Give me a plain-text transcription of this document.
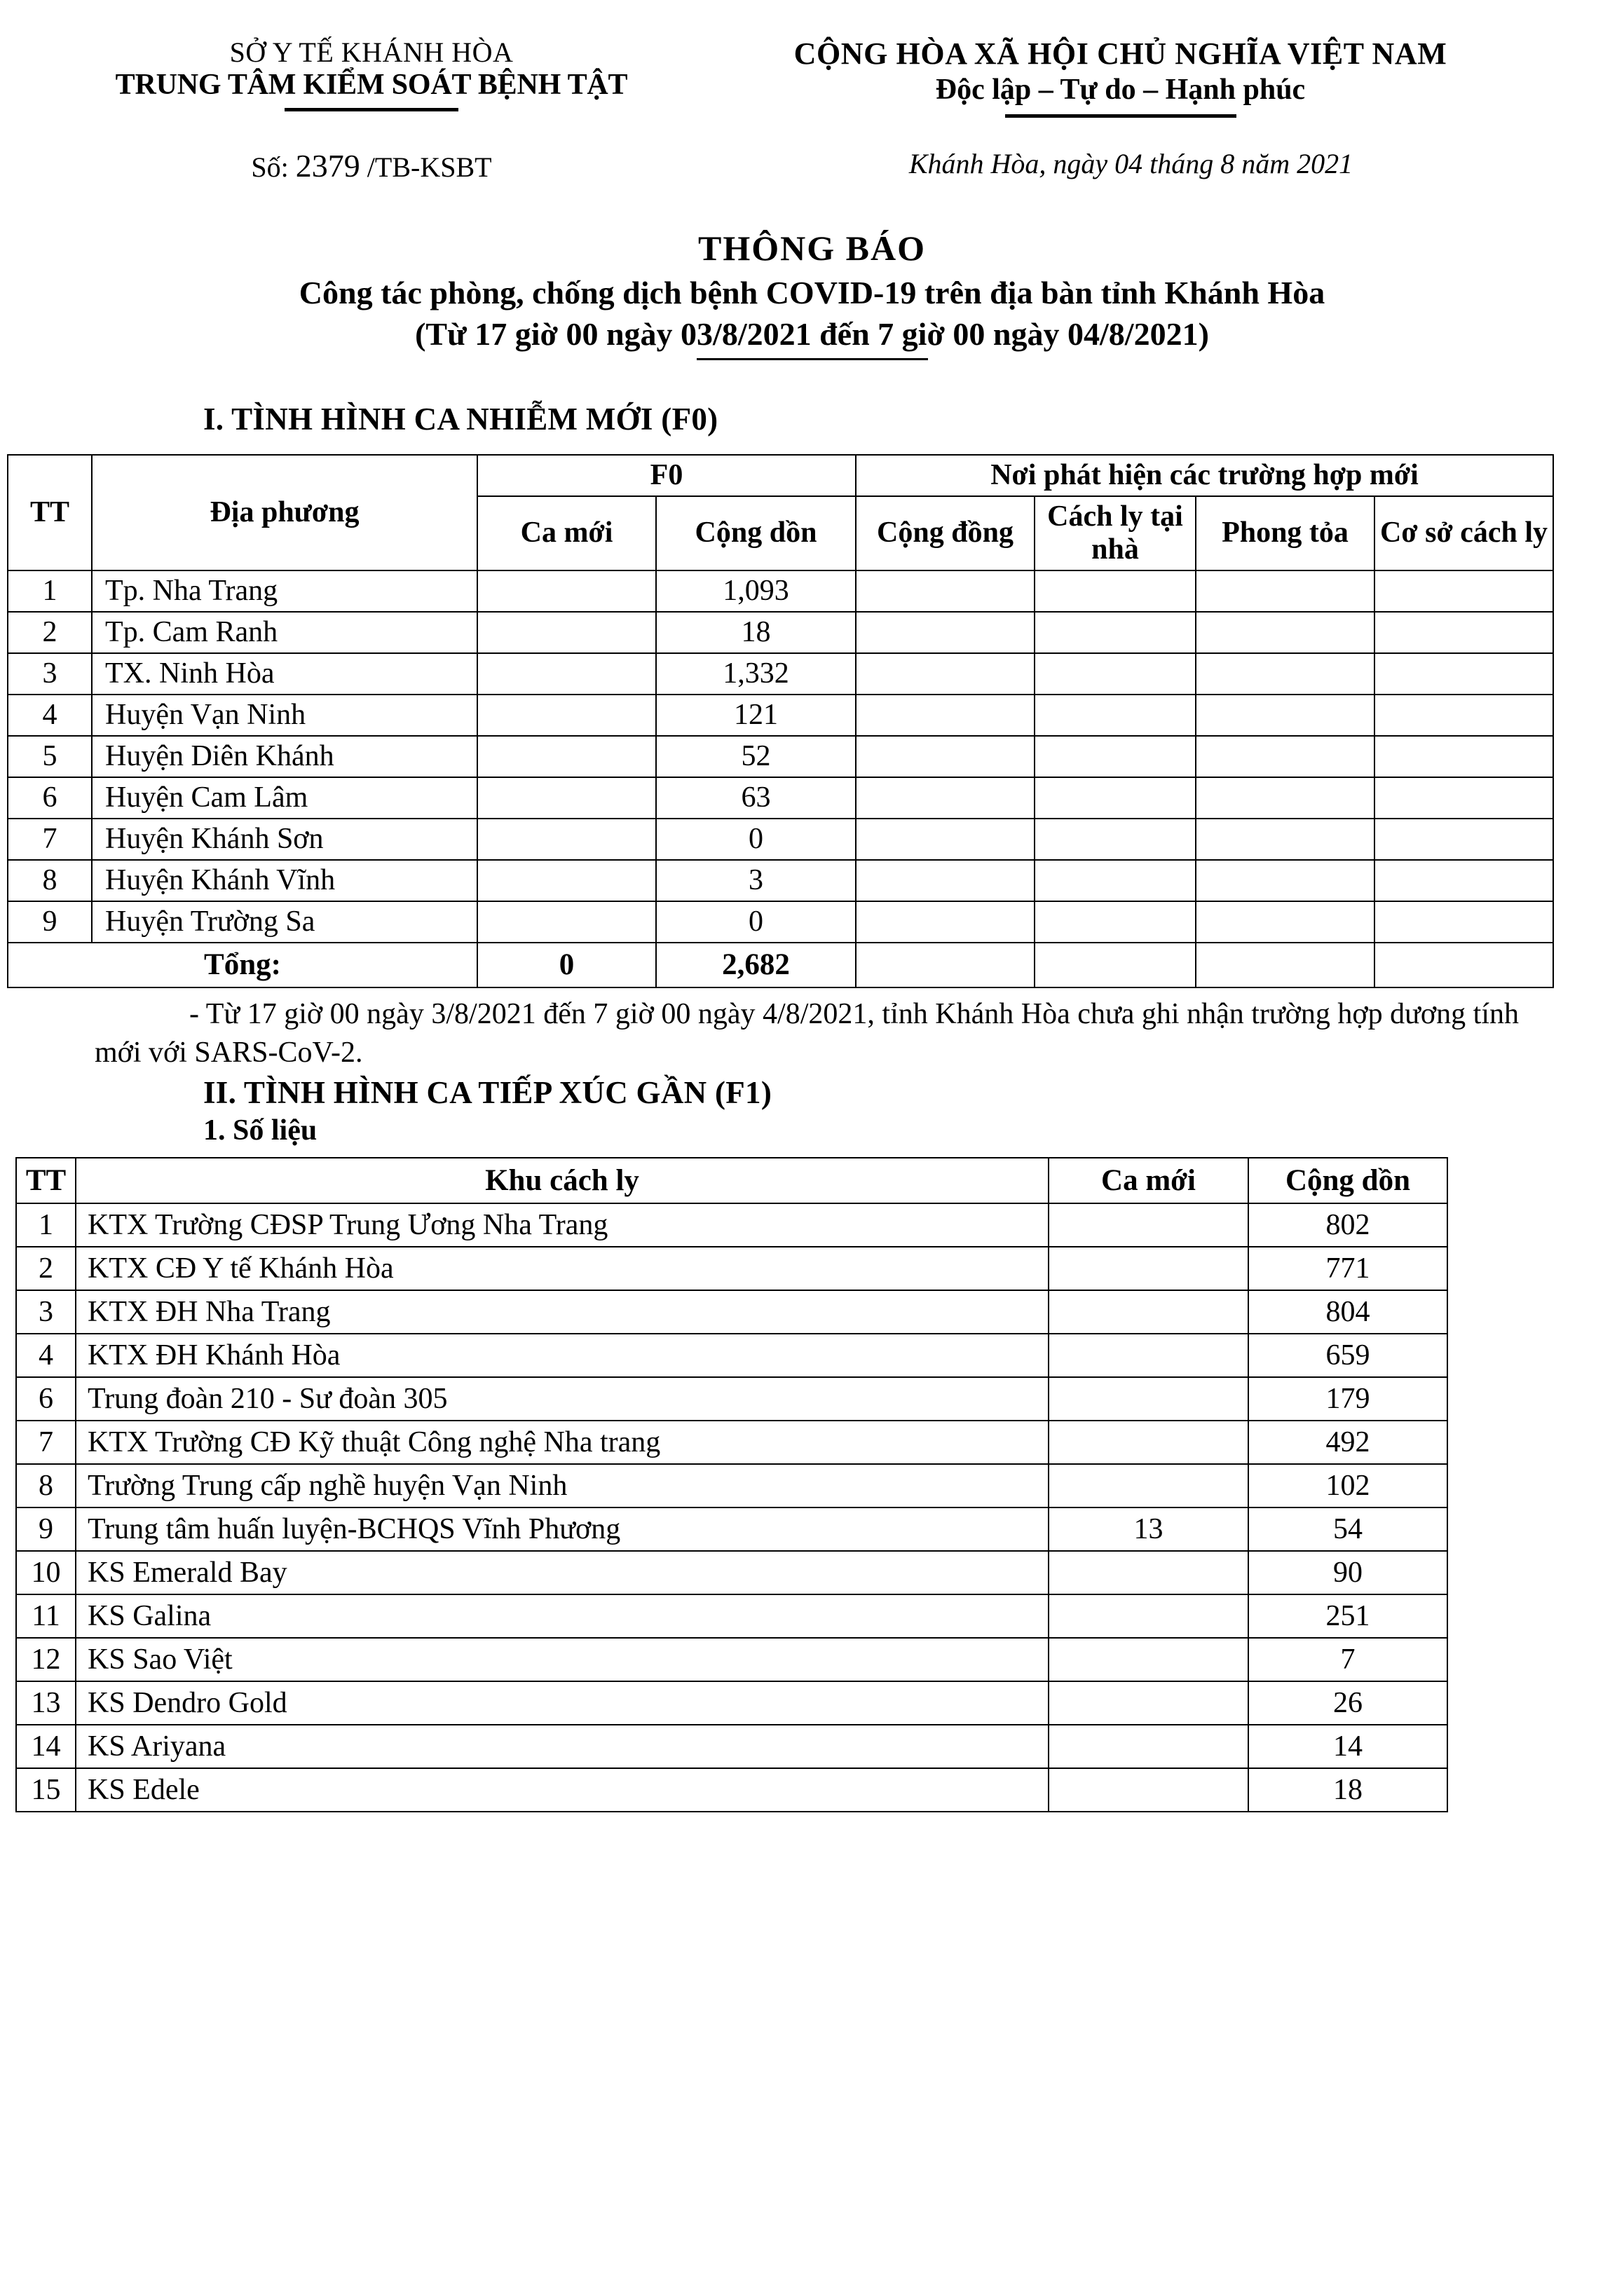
SỞ Y TẾ KHÁNH HÒA
TRUNG TÂM KIỂM SOÁT BỆNH TẬT
CỘNG HÒA XÃ HỘI CHỦ NGHĨA VIỆT NAM
Độc lập – Tự do – Hạnh phúc
Số: 2379 /TB-KSBT	Khánh Hòa, ngày 04 tháng 8 năm 2021
THÔNG BÁO
Công tác phòng, chống dịch bệnh COVID-19 trên địa bàn tỉnh Khánh Hòa
(Từ 17 giờ 00 ngày 03/8/2021 đến 7 giờ 00 ngày 04/8/2021)
I. TÌNH HÌNH CA NHIỄM MỚI (F0)
TT	Địa phương	F0		Nơi phát hiện các trường hợp mới			
		Ca mới	Cộng dồn	Cộng đồng	Cách ly tại nhà	Phong tỏa	Cơ sở cách ly
1	Tp. Nha Trang		1,093				
2	Tp. Cam Ranh		18				
3	TX. Ninh Hòa		1,332				
4	Huyện Vạn Ninh		121				
5	Huyện Diên Khánh		52				
6	Huyện Cam Lâm		63				
7	Huyện Khánh Sơn		0				
8	Huyện Khánh Vĩnh		3				
9	Huyện Trường Sa		0				
Tổng:		0	2,682				
- Từ 17 giờ 00 ngày 3/8/2021 đến 7 giờ 00 ngày 4/8/2021, tỉnh Khánh Hòa chưa ghi nhận trường hợp dương tính mới với SARS-CoV-2.
II. TÌNH HÌNH CA TIẾP XÚC GẦN (F1)
1. Số liệu
TT	Khu cách ly	Ca mới	Cộng dồn
1	KTX Trường CĐSP Trung Ương Nha Trang		802
2	KTX CĐ Y tế Khánh Hòa		771
3	KTX ĐH Nha Trang		804
4	KTX ĐH Khánh Hòa		659
6	Trung đoàn 210 - Sư đoàn 305		179
7	KTX Trường CĐ Kỹ thuật Công nghệ Nha trang		492
8	Trường Trung cấp nghề huyện Vạn Ninh		102
9	Trung tâm huấn luyện-BCHQS Vĩnh Phương	13	54
10	KS Emerald Bay		90
11	KS Galina		251
12	KS Sao Việt		7
13	KS Dendro Gold		26
14	KS Ariyana		14
15	KS Edele		18
